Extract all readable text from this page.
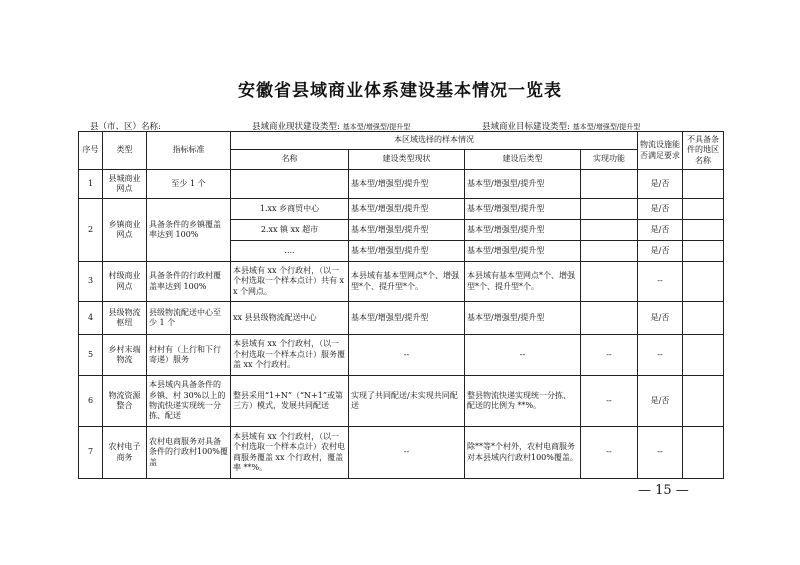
安徽省县域商业体系建设基本情况一览表
县（市、区）名称:	县域商业现状建设类型: 基本型/增强型/提升型	县域商业目标建设类型: 基本型/增强型/提升型
序号	类型	指标标准	本区域选择的样本情况				物流设施能否满足要求	不具备条件的地区名称
			名称	建设类型现状	建设后类型	实现功能		
1	县城商业网点	至少 1 个		基本型/增强型/提升型	基本型/增强型/提升型		是/否	
2	乡镇商业网点	具备条件的乡镇覆盖率达到 100%	1.xx 乡商贸中心	基本型/增强型/提升型	基本型/增强型/提升型		是/否	
			2.xx 镇 xx 超市	基本型/增强型/提升型	基本型/增强型/提升型		是/否	
			....	基本型/增强型/提升型	基本型/增强型/提升型		是/否	
3	村级商业网点	具备条件的行政村覆盖率达到 100%	本县域有 xx 个行政村，（以一个村选取一个样本点计）共有 xx 个网点。	本县域有基本型网点*个、增强型*个、提升型*个。	本县域有基本型网点*个、增强型*个、提升型*个。		--	
4	县级物流枢纽	县级物流配送中心至少 1 个	xx 县县级物流配送中心	基本型/增强型/提升型	基本型/增强型/提升型		是/否	
5	乡村末端物流	村村有（上行和下行寄递）服务	本县域有 xx 个行政村，（以一个村选取一个样本点计）服务覆盖 xx 个行政村。	--	--	--	--	
6	物流资源整合	本县域内具备条件的乡镇、村 30%以上的物流快递实现统一分拣、配送	整县采用“1+N”（“N+1”或第三方）模式，发展共同配送	实现了共同配送/未实现共同配送	整县物流快递实现统一分拣、配送的比例为 **%。	--	是/否	
7	农村电子商务	农村电商服务对具备条件的行政村100%覆盖	本县域有 xx 个行政村，（以一个村选取一个样本点计）农村电商服务覆盖 xx 个行政村，覆盖率 **%。	--	除**等*个村外，农村电商服务对本县域内行政村100%覆盖。	--	--	
— 15 —
